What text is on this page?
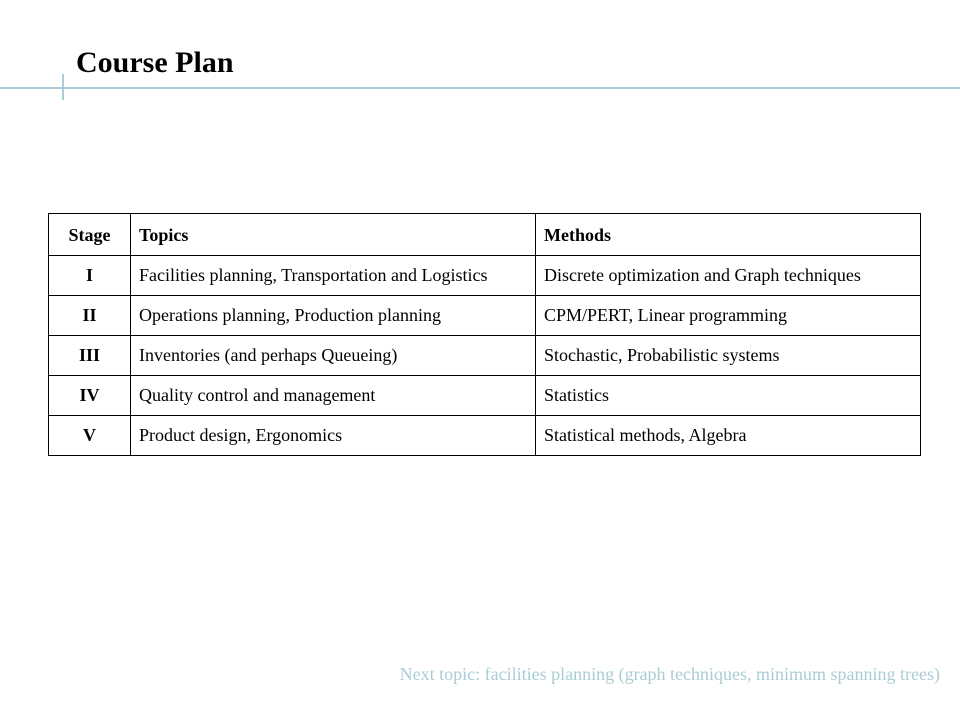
Course Plan
Stage	Topics	Methods
I	Facilities planning, Transportation and Logistics	Discrete optimization and Graph techniques
II	Operations planning, Production planning	CPM/PERT, Linear programming
III	Inventories (and perhaps Queueing)	Stochastic, Probabilistic systems
IV	Quality control and management	Statistics
V	Product design, Ergonomics	Statistical methods, Algebra
Next topic: facilities planning (graph techniques, minimum spanning trees)
